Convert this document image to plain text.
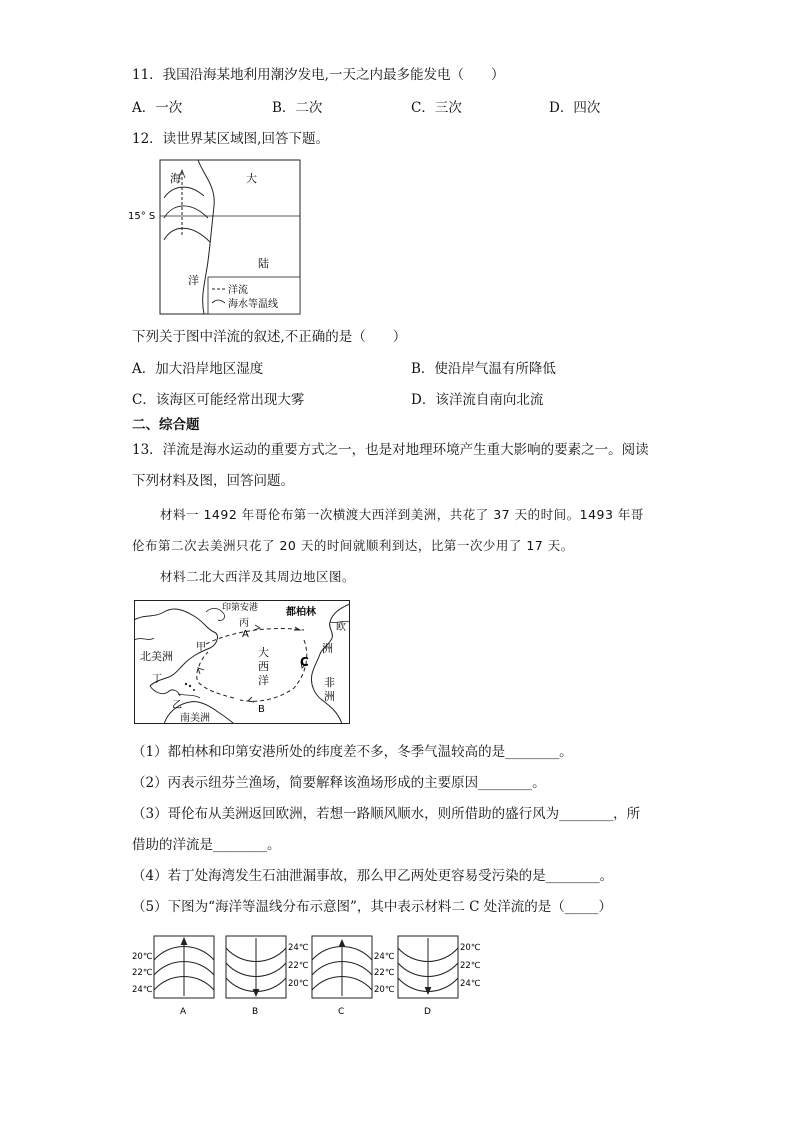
11．我国沿海某地利用潮汐发电,一天之内最多能发电（　　）
A．一次	B．二次	C．三次	D．四次
12．读世界某区域图,回答下题。
15° S
海
洋
大
陆
洋流
海水等温线
下列关于图中洋流的叙述,不正确的是（　　）
A．加大沿岸地区湿度	B．使沿岸气温有所降低
C．该海区可能经常出现大雾	D．该洋流自南向北流
二、综合题
13．洋流是海水运动的重要方式之一，也是对地理环境产生重大影响的要素之一。阅读
下列材料及图，回答问题。
材料一 1492 年哥伦布第一次横渡大西洋到美洲，共花了 37 天的时间。1493 年哥
伦布第二次去美洲只花了 20 天的时间就顺利到达，比第一次少用了 17 天。
材料二北大西洋及其周边地区图。
印第安港	都柏林
丙
A
甲
北美洲	大
西
洋
欧
洲
C
非
洲
丁
乙	B
南美洲
（1）都柏林和印第安港所处的纬度差不多，冬季气温较高的是________。
（2）丙表示纽芬兰渔场，简要解释该渔场形成的主要原因________。
（3）哥伦布从美洲返回欧洲，若想一路顺风顺水，则所借助的盛行风为________，所
借助的洋流是________。
（4）若丁处海湾发生石油泄漏事故，那么甲乙两处更容易受污染的是________。
（5）下图为“海洋等温线分布示意图”，其中表示材料二 C 处洋流的是（_____）
20℃
22℃
24℃
A
24℃
22℃
20℃
B
24℃
22℃
20℃
C
20℃
22℃
24℃
D
